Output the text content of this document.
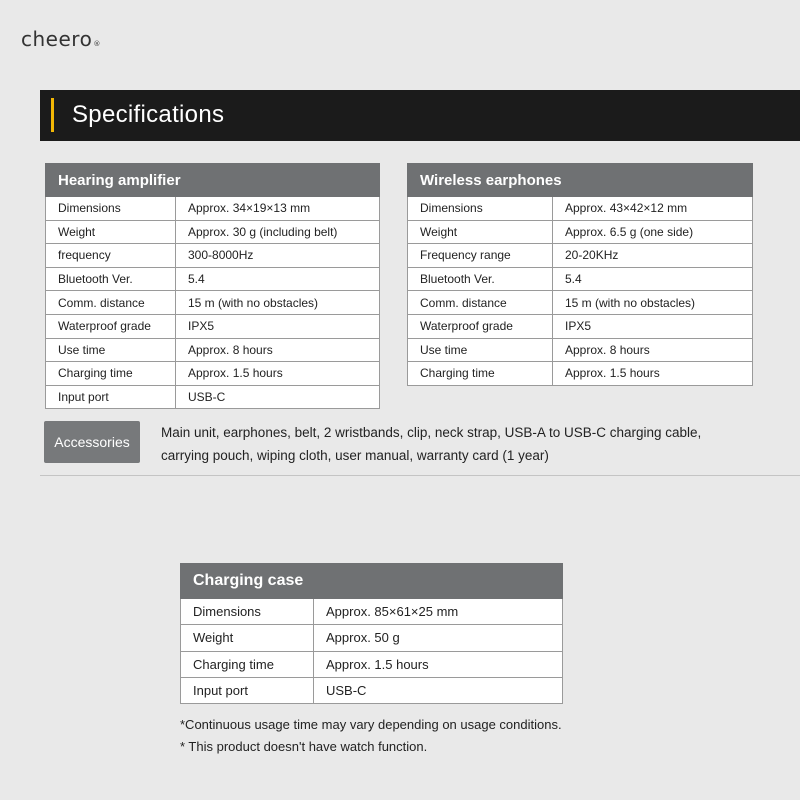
cheero®
Specifications
Hearing amplifier	
Dimensions	Approx. 34×19×13 mm
Weight	Approx. 30 g (including belt)
frequency	300-8000Hz
Bluetooth Ver.	5.4
Comm. distance	15 m (with no obstacles)
Waterproof grade	IPX5
Use time	Approx. 8 hours
Charging time	Approx. 1.5 hours
Input port	USB-C
Wireless earphones	
Dimensions	Approx. 43×42×12 mm
Weight	Approx. 6.5 g (one side)
Frequency range	20-20KHz
Bluetooth Ver.	5.4
Comm. distance	15 m (with no obstacles)
Waterproof grade	IPX5
Use time	Approx. 8 hours
Charging time	Approx. 1.5 hours
Accessories
Main unit, earphones, belt, 2 wristbands, clip, neck strap, USB-A to USB-C charging cable,
carrying pouch, wiping cloth, user manual, warranty card (1 year)
Charging case	
Dimensions	Approx. 85×61×25 mm
Weight	Approx. 50 g
Charging time	Approx. 1.5 hours
Input port	USB-C
*Continuous usage time may vary depending on usage conditions.
* This product doesn't have watch function.
